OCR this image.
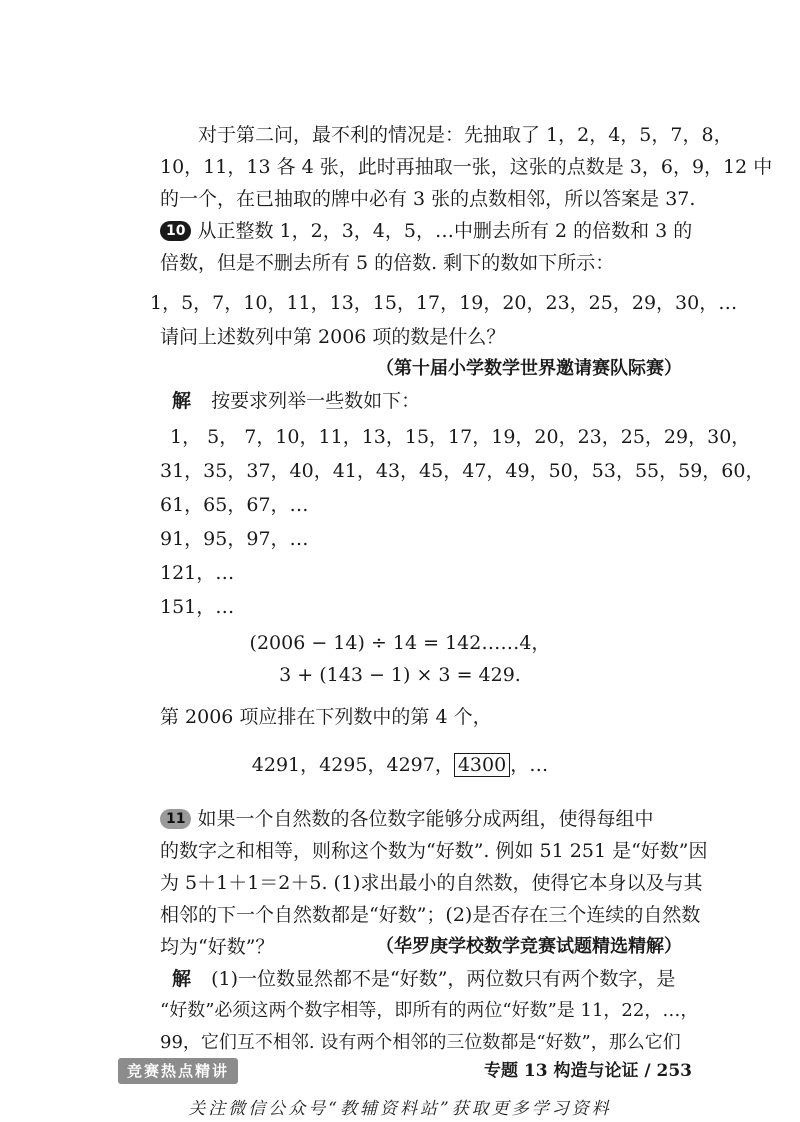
对于第二问，最不利的情况是：先抽取了 1，2，4，5，7，8，
10，11，13 各 4 张，此时再抽取一张，这张的点数是 3，6，9，12 中
的一个，在已抽取的牌中必有 3 张的点数相邻，所以答案是 37.
10 从正整数 1，2，3，4，5，…中删去所有 2 的倍数和 3 的
倍数，但是不删去所有 5 的倍数. 剩下的数如下所示：
1，5，7，10，11，13，15，17，19，20，23，25，29，30，…
请问上述数列中第 2006 项的数是什么？
（第十届小学数学世界邀请赛队际赛）
解 按要求列举一些数如下：
1， 5， 7，10，11，13，15，17，19，20，23，25，29，30，
31，35，37，40，41，43，45，47，49，50，53，55，59，60，
61，65，67，…
91，95，97，…
121，…
151，…
(2006 − 14) ÷ 14 = 142……4，
3 + (143 − 1) × 3 = 429.
第 2006 项应排在下列数中的第 4 个，
4291，4295，4297， 4300 ，…
11 如果一个自然数的各位数字能够分成两组，使得每组中
的数字之和相等，则称这个数为“好数”. 例如 51 251 是“好数”因
为 5＋1＋1＝2＋5. (1)求出最小的自然数，使得它本身以及与其
相邻的下一个自然数都是“好数”；(2)是否存在三个连续的自然数
均为“好数”？	（华罗庚学校数学竞赛试题精选精解）
解 (1)一位数显然都不是“好数”，两位数只有两个数字，是
“好数”必须这两个数字相等，即所有的两位“好数”是 11，22，…，
99，它们互不相邻. 设有两个相邻的三位数都是“好数”，那么它们
竞赛热点精讲	专题 13 构造与论证 / 253
关注微信公众号“教辅资料站”获取更多学习资料
